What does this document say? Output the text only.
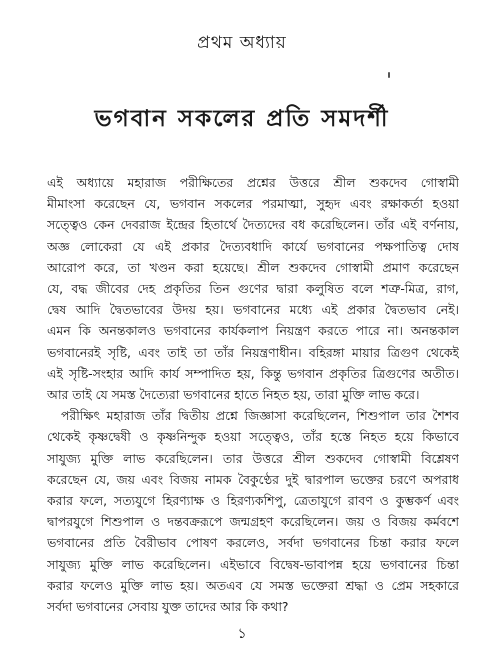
প্রথম অধ্যায়
ভগবান সকলের প্রতি সমদর্শী
এই অধ্যায়ে মহারাজ পরীক্ষিতের প্রশ্নের উত্তরে শ্রীল শুকদেব গোস্বামী
মীমাংসা করেছেন যে, ভগবান সকলের পরমাত্মা, সুহৃদ এবং রক্ষাকর্তা হওয়া
সত্ত্বেও কেন দেবরাজ ইন্দ্রের হিতার্থে দৈত্যদের বধ করেছিলেন। তাঁর এই বর্ণনায়,
অজ্ঞ লোকেরা যে এই প্রকার দৈত্যবধাদি কার্যে ভগবানের পক্ষপাতিত্ব দোষ
আরোপ করে, তা খণ্ডন করা হয়েছে। শ্রীল শুকদেব গোস্বামী প্রমাণ করেছেন
যে, বদ্ধ জীবের দেহ প্রকৃতির তিন গুণের দ্বারা কলুষিত বলে শত্রু-মিত্র, রাগ,
দ্বেষ আদি দ্বৈতভাবের উদয় হয়। ভগবানের মধ্যে এই প্রকার দ্বৈতভাব নেই।
এমন কি অনন্তকালও ভগবানের কার্যকলাপ নিয়ন্ত্রণ করতে পারে না। অনন্তকাল
ভগবানেরই সৃষ্টি, এবং তাই তা তাঁর নিয়ন্ত্রণাধীন। বহিরঙ্গা মায়ার ত্রিগুণ থেকেই
এই সৃষ্টি-সংহার আদি কার্য সম্পাদিত হয়, কিন্তু ভগবান প্রকৃতির ত্রিগুণের অতীত।
আর তাই যে সমস্ত দৈত্যেরা ভগবানের হাতে নিহত হয়, তারা মুক্তি লাভ করে।
পরীক্ষিৎ মহারাজ তাঁর দ্বিতীয় প্রশ্নে জিজ্ঞাসা করেছিলেন, শিশুপাল তার শৈশব
থেকেই কৃষ্ণদ্বেষী ও কৃষ্ণনিন্দুক হওয়া সত্ত্বেও, তাঁর হস্তে নিহত হয়ে কিভাবে
সাযুজ্য মুক্তি লাভ করেছিলেন। তার উত্তরে শ্রীল শুকদেব গোস্বামী বিশ্লেষণ
করেছেন যে, জয় এবং বিজয় নামক বৈকুণ্ঠের দুই দ্বারপাল ভক্তের চরণে অপরাধ
করার ফলে, সত্যযুগে হিরণ্যাক্ষ ও হিরণ্যকশিপু, ত্রেতাযুগে রাবণ ও কুম্ভকর্ণ এবং
দ্বাপরযুগে শিশুপাল ও দন্তবক্ররূপে জন্মগ্রহণ করেছিলেন। জয় ও বিজয় কর্মবশে
ভগবানের প্রতি বৈরীভাব পোষণ করলেও, সর্বদা ভগবানের চিন্তা করার ফলে
সাযুজ্য মুক্তি লাভ করেছিলেন। এইভাবে বিদ্বেষ-ভাবাপন্ন হয়ে ভগবানের চিন্তা
করার ফলেও মুক্তি লাভ হয়। অতএব যে সমস্ত ভক্তেরা শ্রদ্ধা ও প্রেম সহকারে
সর্বদা ভগবানের সেবায় যুক্ত তাদের আর কি কথা?
১
